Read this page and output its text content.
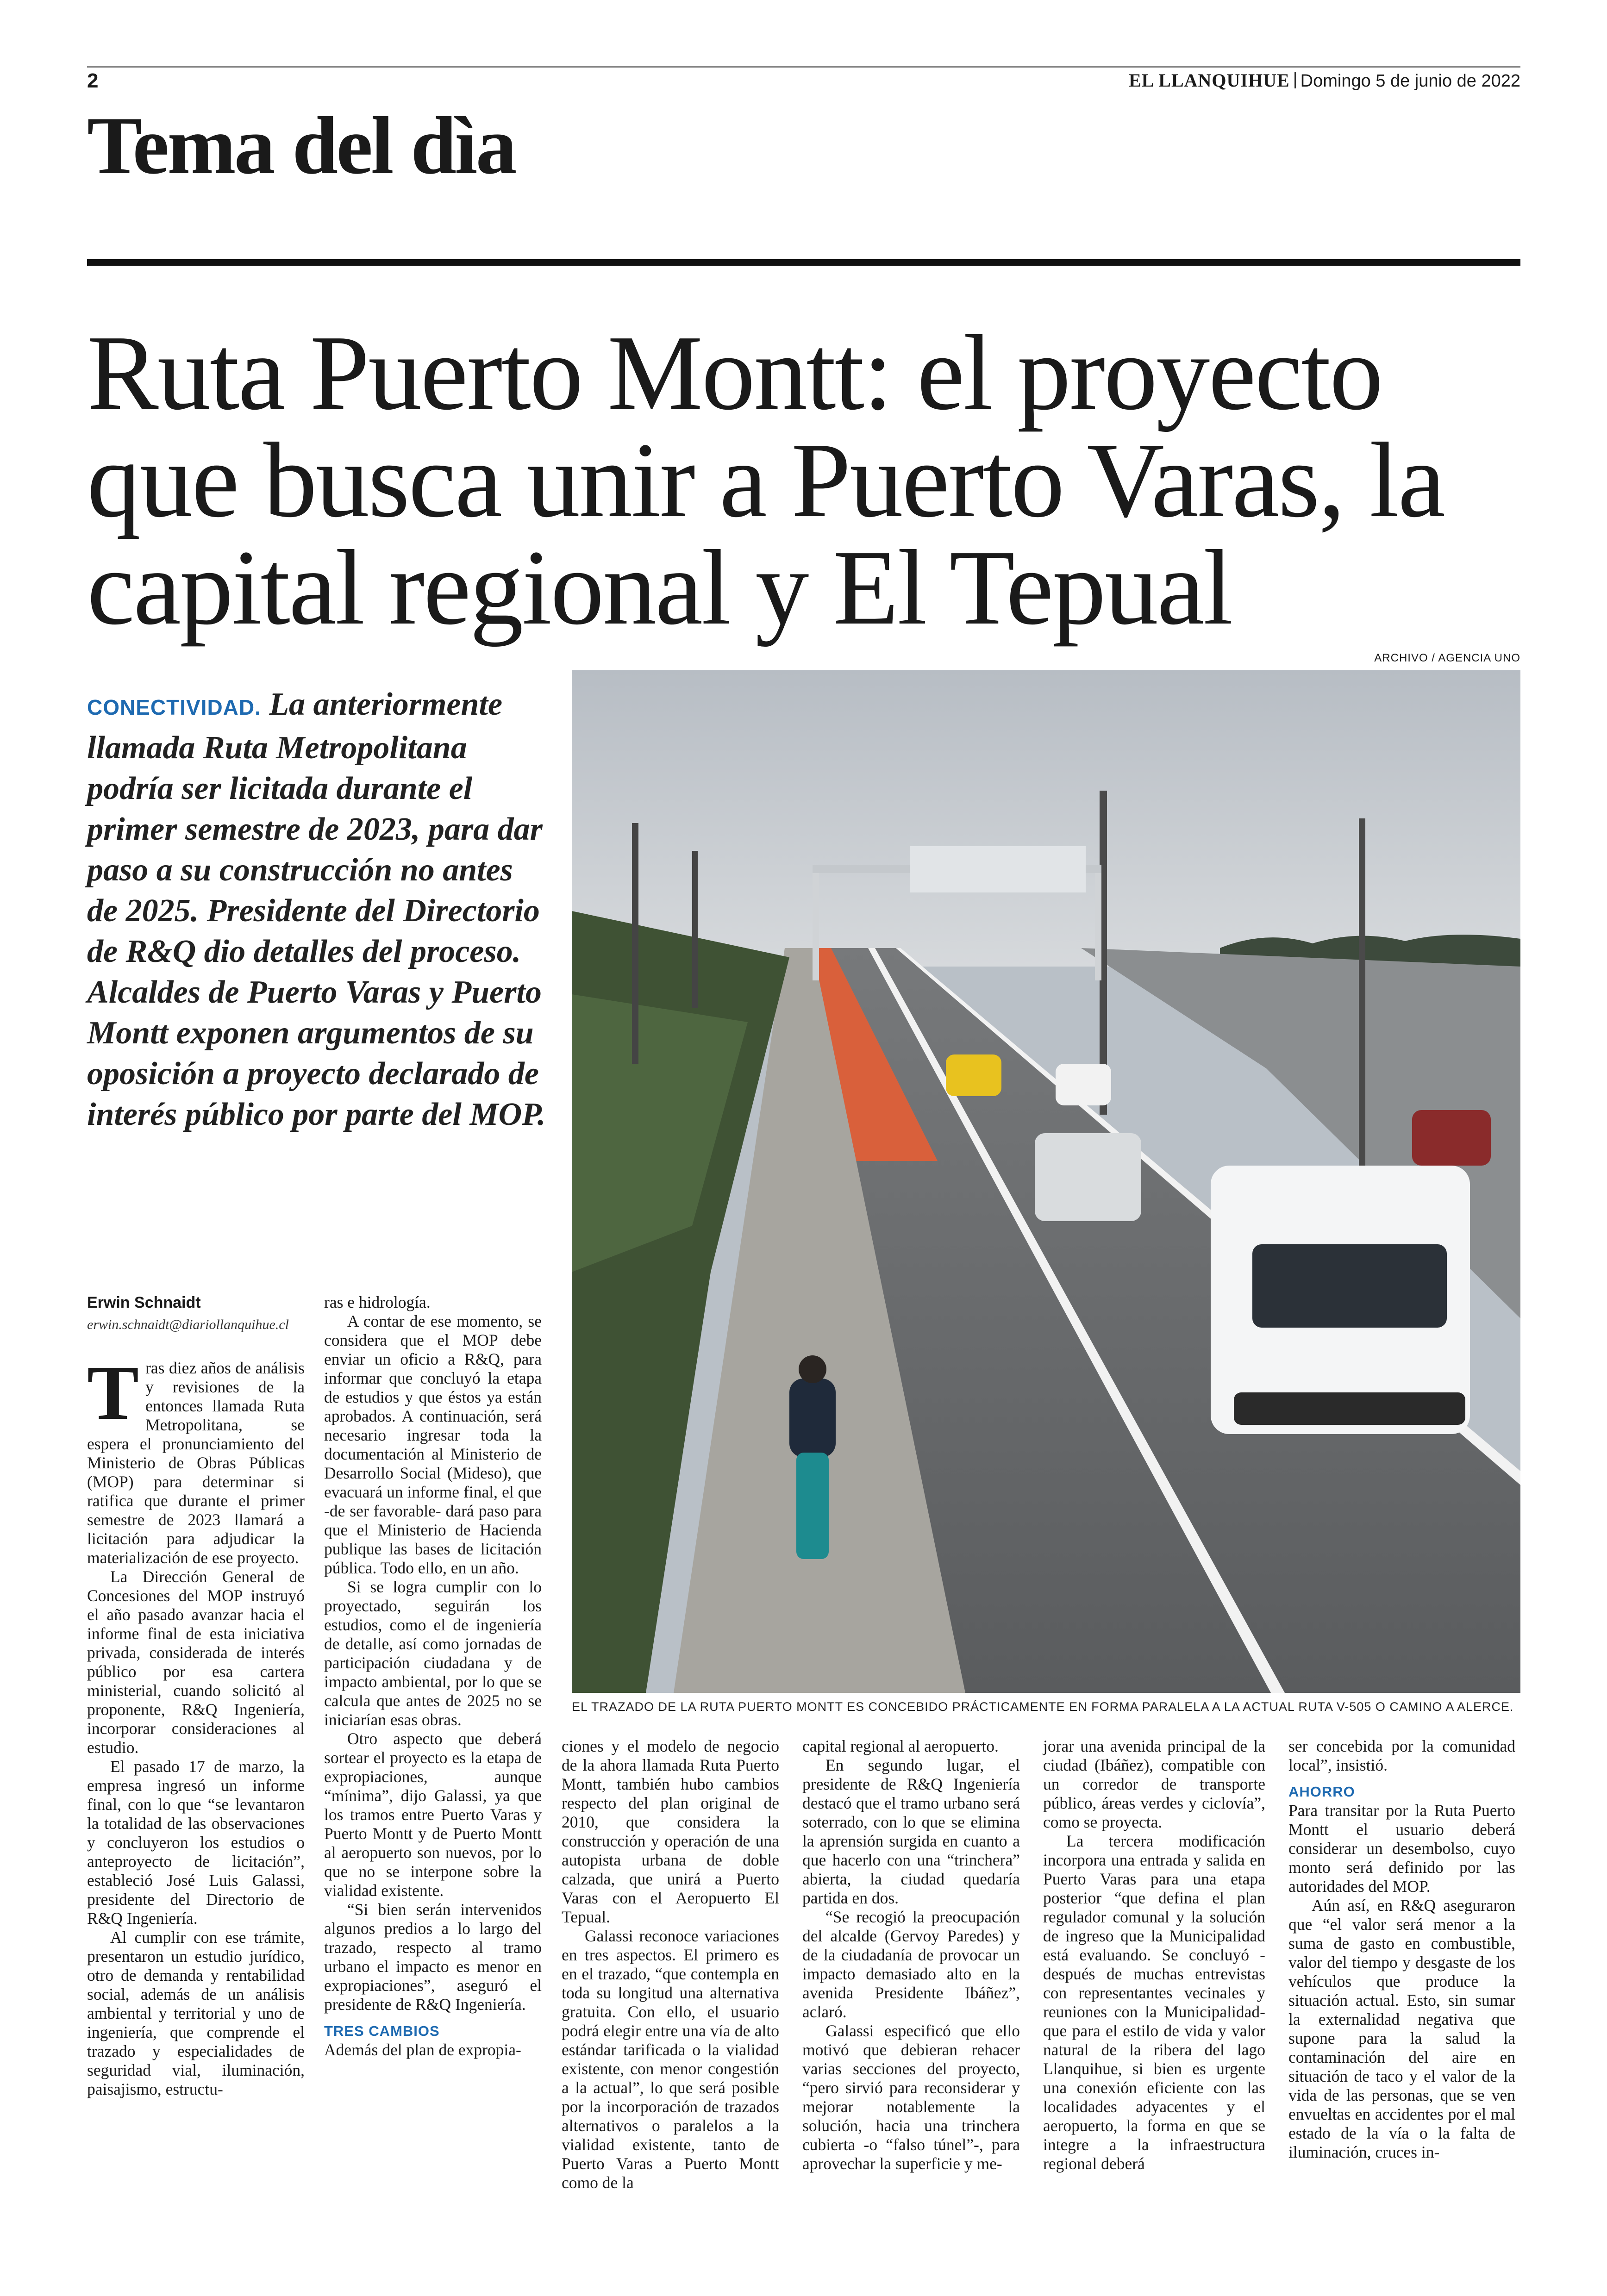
2	EL LLANQUIHUE Domingo 5 de junio de 2022
Tema del dìa
Ruta Puerto Montt: el proyecto que busca unir a Puerto Varas, la capital regional y El Tepual
ARCHIVO / AGENCIA UNO
CONECTIVIDAD. La anteriormente llamada Ruta Metropolitana podría ser licitada durante el primer semestre de 2023, para dar paso a su construcción no antes de 2025. Presidente del Directorio de R&Q dio detalles del proceso. Alcaldes de Puerto Varas y Puerto Montt exponen argumentos de su oposición a proyecto declarado de interés público por parte del MOP.
EL TRAZADO DE LA RUTA PUERTO MONTT ES CONCEBIDO PRÁCTICAMENTE EN FORMA PARALELA A LA ACTUAL RUTA V-505 O CAMINO A ALERCE.
Erwin Schnaidt
erwin.schnaidt@diariollanquihue.cl

Tras diez años de análisis y revisiones de la entonces llamada Ruta Metropolitana, se espera el pronunciamiento del Ministerio de Obras Públicas (MOP) para determinar si ratifica que durante el primer semestre de 2023 llamará a licitación para adjudicar la materialización de ese proyecto.

La Dirección General de Concesiones del MOP instruyó el año pasado avanzar hacia el informe final de esta iniciativa privada, considerada de interés público por esa cartera ministerial, cuando solicitó al proponente, R&Q Ingeniería, incorporar consideraciones al estudio.

El pasado 17 de marzo, la empresa ingresó un informe final, con lo que “se levantaron la totalidad de las observaciones y concluyeron los estudios o anteproyecto de licitación”, estableció José Luis Galassi, presidente del Directorio de R&Q Ingeniería.

Al cumplir con ese trámite, presentaron un estudio jurídico, otro de demanda y rentabilidad social, además de un análisis ambiental y territorial y uno de ingeniería, que comprende el trazado y especialidades de seguridad vial, iluminación, paisajismo, estructu-

ras e hidrología.

A contar de ese momento, se considera que el MOP debe enviar un oficio a R&Q, para informar que concluyó la etapa de estudios y que éstos ya están aprobados. A continuación, será necesario ingresar toda la documentación al Ministerio de Desarrollo Social (Mideso), que evacuará un informe final, el que -de ser favorable- dará paso para que el Ministerio de Hacienda publique las bases de licitación pública. Todo ello, en un año.

Si se logra cumplir con lo proyectado, seguirán los estudios, como el de ingeniería de detalle, así como jornadas de participación ciudadana y de impacto ambiental, por lo que se calcula que antes de 2025 no se iniciarían esas obras.

Otro aspecto que deberá sortear el proyecto es la etapa de expropiaciones, aunque “mínima”, dijo Galassi, ya que los tramos entre Puerto Varas y Puerto Montt y de Puerto Montt al aeropuerto son nuevos, por lo que no se interpone sobre la vialidad existente.

“Si bien serán intervenidos algunos predios a lo largo del trazado, respecto al tramo urbano el impacto es menor en expropiaciones”, aseguró el presidente de R&Q Ingeniería.

TRES CAMBIOS

Además del plan de expropia-

ciones y el modelo de negocio de la ahora llamada Ruta Puerto Montt, también hubo cambios respecto del plan original de 2010, que considera la construcción y operación de una autopista urbana de doble calzada, que unirá a Puerto Varas con el Aeropuerto El Tepual.

Galassi reconoce variaciones en tres aspectos. El primero es en el trazado, “que contempla en toda su longitud una alternativa gratuita. Con ello, el usuario podrá elegir entre una vía de alto estándar tarificada o la vialidad existente, con menor congestión a la actual”, lo que será posible por la incorporación de trazados alternativos o paralelos a la vialidad existente, tanto de Puerto Varas a Puerto Montt como de la

capital regional al aeropuerto.

En segundo lugar, el presidente de R&Q Ingeniería destacó que el tramo urbano será soterrado, con lo que se elimina la aprensión surgida en cuanto a que hacerlo con una “trinchera” abierta, la ciudad quedaría partida en dos.

“Se recogió la preocupación del alcalde (Gervoy Paredes) y de la ciudadanía de provocar un impacto demasiado alto en la avenida Presidente Ibáñez”, aclaró.

Galassi especificó que ello motivó que debieran rehacer varias secciones del proyecto, “pero sirvió para reconsiderar y mejorar notablemente la solución, hacia una trinchera cubierta -o “falso túnel”-, para aprovechar la superficie y me-

jorar una avenida principal de la ciudad (Ibáñez), compatible con un corredor de transporte público, áreas verdes y ciclovía”, como se proyecta.

La tercera modificación incorpora una entrada y salida en Puerto Varas para una etapa posterior “que defina el plan regulador comunal y la solución de ingreso que la Municipalidad está evaluando. Se concluyó -después de muchas entrevistas con representantes vecinales y reuniones con la Municipalidad- que para el estilo de vida y valor natural de la ribera del lago Llanquihue, si bien es urgente una conexión eficiente con las localidades adyacentes y el aeropuerto, la forma en que se integre a la infraestructura regional deberá

ser concebida por la comunidad local”, insistió.

AHORRO

Para transitar por la Ruta Puerto Montt el usuario deberá considerar un desembolso, cuyo monto será definido por las autoridades del MOP.

Aún así, en R&Q aseguraron que “el valor será menor a la suma de gasto en combustible, valor del tiempo y desgaste de los vehículos que produce la situación actual. Esto, sin sumar la externalidad negativa que supone para la salud la contaminación del aire en situación de taco y el valor de la vida de las personas, que se ven envueltas en accidentes por el mal estado de la vía o la falta de iluminación, cruces in-
